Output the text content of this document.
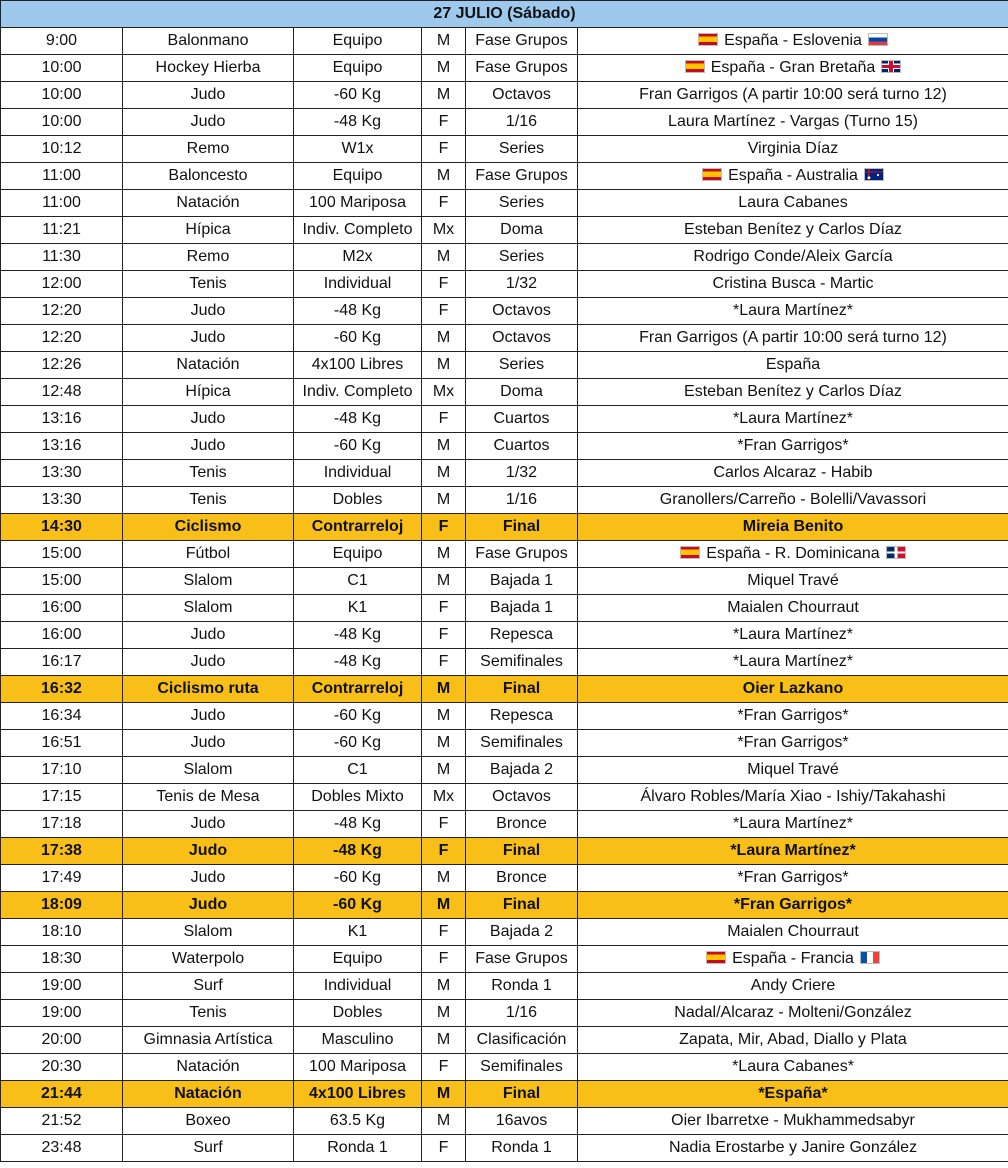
27 JULIO (Sábado)					
9:00	Balonmano	Equipo	M	Fase Grupos	España - Eslovenia
10:00	Hockey Hierba	Equipo	M	Fase Grupos	España - Gran Bretaña
10:00	Judo	-60 Kg	M	Octavos	Fran Garrigos (A partir 10:00 será turno 12)
10:00	Judo	-48 Kg	F	1/16	Laura Martínez - Vargas (Turno 15)
10:12	Remo	W1x	F	Series	Virginia Díaz
11:00	Baloncesto	Equipo	M	Fase Grupos	España - Australia
11:00	Natación	100 Mariposa	F	Series	Laura Cabanes
11:21	Hípica	Indiv. Completo	Mx	Doma	Esteban Benítez y Carlos Díaz
11:30	Remo	M2x	M	Series	Rodrigo Conde/Aleix García
12:00	Tenis	Individual	F	1/32	Cristina Busca - Martic
12:20	Judo	-48 Kg	F	Octavos	*Laura Martínez*
12:20	Judo	-60 Kg	M	Octavos	Fran Garrigos (A partir 10:00 será turno 12)
12:26	Natación	4x100 Libres	M	Series	España
12:48	Hípica	Indiv. Completo	Mx	Doma	Esteban Benítez y Carlos Díaz
13:16	Judo	-48 Kg	F	Cuartos	*Laura Martínez*
13:16	Judo	-60 Kg	M	Cuartos	*Fran Garrigos*
13:30	Tenis	Individual	M	1/32	Carlos Alcaraz - Habib
13:30	Tenis	Dobles	M	1/16	Granollers/Carreño - Bolelli/Vavassori
14:30	Ciclismo	Contrarreloj	F	Final	Mireia Benito
15:00	Fútbol	Equipo	M	Fase Grupos	España - R. Dominicana
15:00	Slalom	C1	M	Bajada 1	Miquel Travé
16:00	Slalom	K1	F	Bajada 1	Maialen Chourraut
16:00	Judo	-48 Kg	F	Repesca	*Laura Martínez*
16:17	Judo	-48 Kg	F	Semifinales	*Laura Martínez*
16:32	Ciclismo ruta	Contrarreloj	M	Final	Oier Lazkano
16:34	Judo	-60 Kg	M	Repesca	*Fran Garrigos*
16:51	Judo	-60 Kg	M	Semifinales	*Fran Garrigos*
17:10	Slalom	C1	M	Bajada 2	Miquel Travé
17:15	Tenis de Mesa	Dobles Mixto	Mx	Octavos	Álvaro Robles/María Xiao - Ishiy/Takahashi
17:18	Judo	-48 Kg	F	Bronce	*Laura Martínez*
17:38	Judo	-48 Kg	F	Final	*Laura Martínez*
17:49	Judo	-60 Kg	M	Bronce	*Fran Garrigos*
18:09	Judo	-60 Kg	M	Final	*Fran Garrigos*
18:10	Slalom	K1	F	Bajada 2	Maialen Chourraut
18:30	Waterpolo	Equipo	F	Fase Grupos	España - Francia
19:00	Surf	Individual	M	Ronda 1	Andy Criere
19:00	Tenis	Dobles	M	1/16	Nadal/Alcaraz - Molteni/González
20:00	Gimnasia Artística	Masculino	M	Clasificación	Zapata, Mir, Abad, Diallo y Plata
20:30	Natación	100 Mariposa	F	Semifinales	*Laura Cabanes*
21:44	Natación	4x100 Libres	M	Final	*España*
21:52	Boxeo	63.5 Kg	M	16avos	Oier Ibarretxe - Mukhammedsabyr
23:48	Surf	Ronda 1	F	Ronda 1	Nadia Erostarbe y Janire González
